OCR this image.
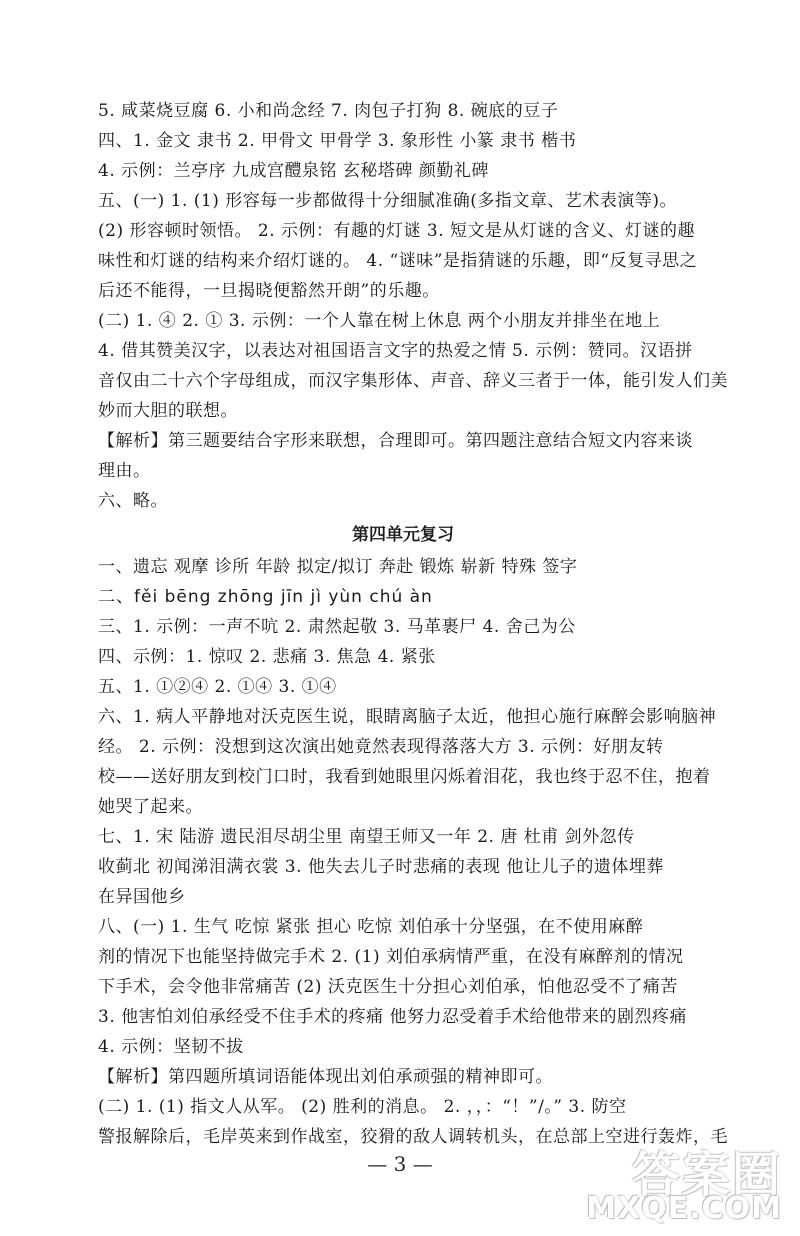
5. 咸菜烧豆腐 6. 小和尚念经 7. 肉包子打狗 8. 碗底的豆子
四、1. 金文 隶书 2. 甲骨文 甲骨学 3. 象形性 小篆 隶书 楷书
4. 示例：兰亭序 九成宫醴泉铭 玄秘塔碑 颜勤礼碑
五、(一) 1. (1) 形容每一步都做得十分细腻准确(多指文章、艺术表演等)。
(2) 形容顿时领悟。 2. 示例：有趣的灯谜 3. 短文是从灯谜的含义、灯谜的趣
味性和灯谜的结构来介绍灯谜的。 4. “谜味”是指猜谜的乐趣，即“反复寻思之
后还不能得，一旦揭晓便豁然开朗”的乐趣。
(二) 1. ④ 2. ① 3. 示例：一个人靠在树上休息 两个小朋友并排坐在地上
4. 借其赞美汉字，以表达对祖国语言文字的热爱之情 5. 示例：赞同。汉语拼
音仅由二十六个字母组成，而汉字集形体、声音、辞义三者于一体，能引发人们美
妙而大胆的联想。
【解析】第三题要结合字形来联想，合理即可。第四题注意结合短文内容来谈
理由。
六、略。
第四单元复习
一、遗忘 观摩 诊所 年龄 拟定/拟订 奔赴 锻炼 崭新 特殊 签字
二、fěi bēng zhōng jīn jì yùn chú àn
三、1. 示例：一声不吭 2. 肃然起敬 3. 马革裹尸 4. 舍己为公
四、示例：1. 惊叹 2. 悲痛 3. 焦急 4. 紧张
五、1. ①②④ 2. ①④ 3. ①④
六、1. 病人平静地对沃克医生说，眼睛离脑子太近，他担心施行麻醉会影响脑神
经。 2. 示例：没想到这次演出她竟然表现得落落大方 3. 示例：好朋友转
校——送好朋友到校门口时，我看到她眼里闪烁着泪花，我也终于忍不住，抱着
她哭了起来。
七、1. 宋 陆游 遗民泪尽胡尘里 南望王师又一年 2. 唐 杜甫 剑外忽传
收蓟北 初闻涕泪满衣裳 3. 他失去儿子时悲痛的表现 他让儿子的遗体埋葬
在异国他乡
八、(一) 1. 生气 吃惊 紧张 担心 吃惊 刘伯承十分坚强，在不使用麻醉
剂的情况下也能坚持做完手术 2. (1) 刘伯承病情严重，在没有麻醉剂的情况
下手术，会令他非常痛苦 (2) 沃克医生十分担心刘伯承，怕他忍受不了痛苦
3. 他害怕刘伯承经受不住手术的疼痛 他努力忍受着手术给他带来的剧烈疼痛
4. 示例：坚韧不拔
【解析】第四题所填词语能体现出刘伯承顽强的精神即可。
(二) 1. (1) 指文人从军。 (2) 胜利的消息。 2. ，，：“！”/。” 3. 防空
警报解除后，毛岸英来到作战室，狡猾的敌人调转机头，在总部上空进行轰炸，毛
— 3 —	答案圈
MXQE.COM
